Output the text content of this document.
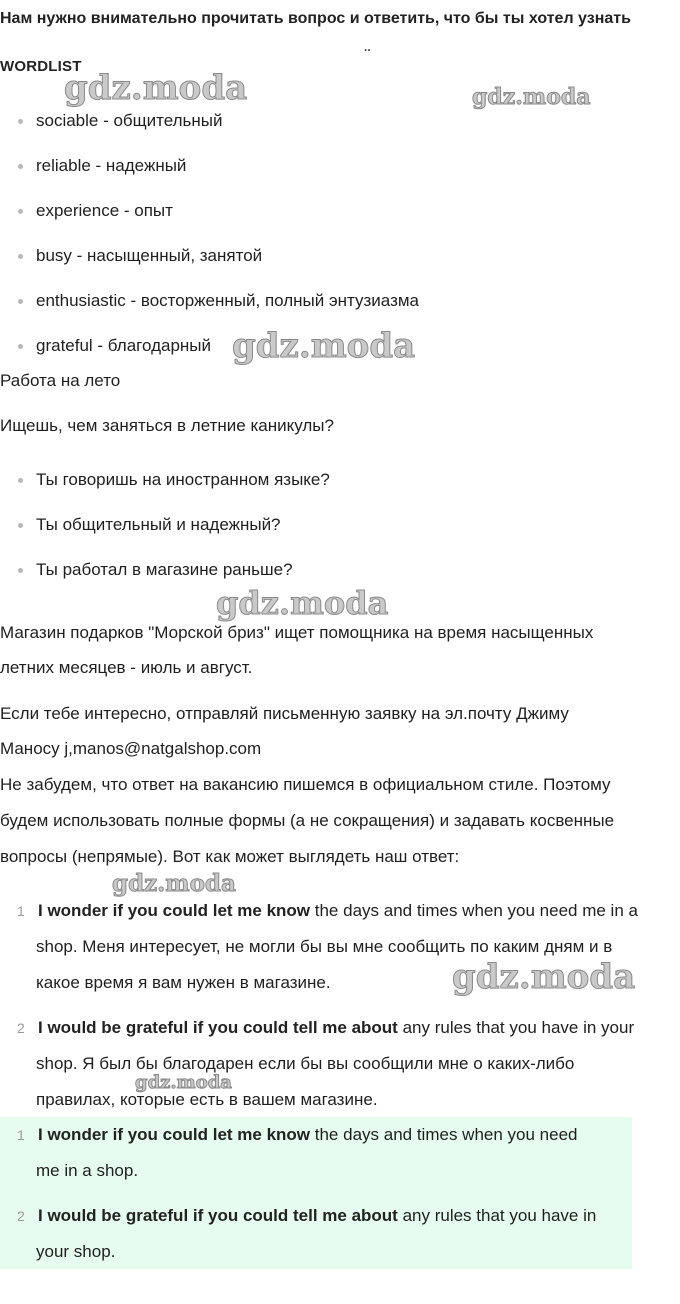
Нам нужно внимательно прочитать вопрос и ответить, что бы ты хотел узнать
..
WORDLIST
sociable - общительный
reliable - надежный
experience - опыт
busy - насыщенный, занятой
enthusiastic - восторженный, полный энтузиазма
grateful - благодарный
Работа на лето
Ищешь, чем заняться в летние каникулы?
Ты говоришь на иностранном языке?
Ты общительный и надежный?
Ты работал в магазине раньше?
Магазин подарков "Морской бриз" ищет помощника на время насыщенных
летних месяцев - июль и август.
Если тебе интересно, отправляй письменную заявку на эл.почту Джиму
Маносу j,manos@natgalshop.com
Не забудем, что ответ на вакансию пишемся в официальном стиле. Поэтому
будем использовать полные формы (а не сокращения) и задавать косвенные
вопросы (непрямые). Вот как может выглядеть наш ответ:
1 I wonder if you could let me know the days and times when you need me in a
shop. Меня интересует, не могли бы вы мне сообщить по каким дням и в
какое время я вам нужен в магазине.
2 I would be grateful if you could tell me about any rules that you have in your
shop. Я был бы благодарен если бы вы сообщили мне о каких-либо
правилах, которые есть в вашем магазине.
1 I wonder if you could let me know the days and times when you need
me in a shop.
2 I would be grateful if you could tell me about any rules that you have in
your shop.
gdz.moda	gdz.moda
gdz.moda
gdz.moda
gdz.moda
gdz.moda
gdz.moda
